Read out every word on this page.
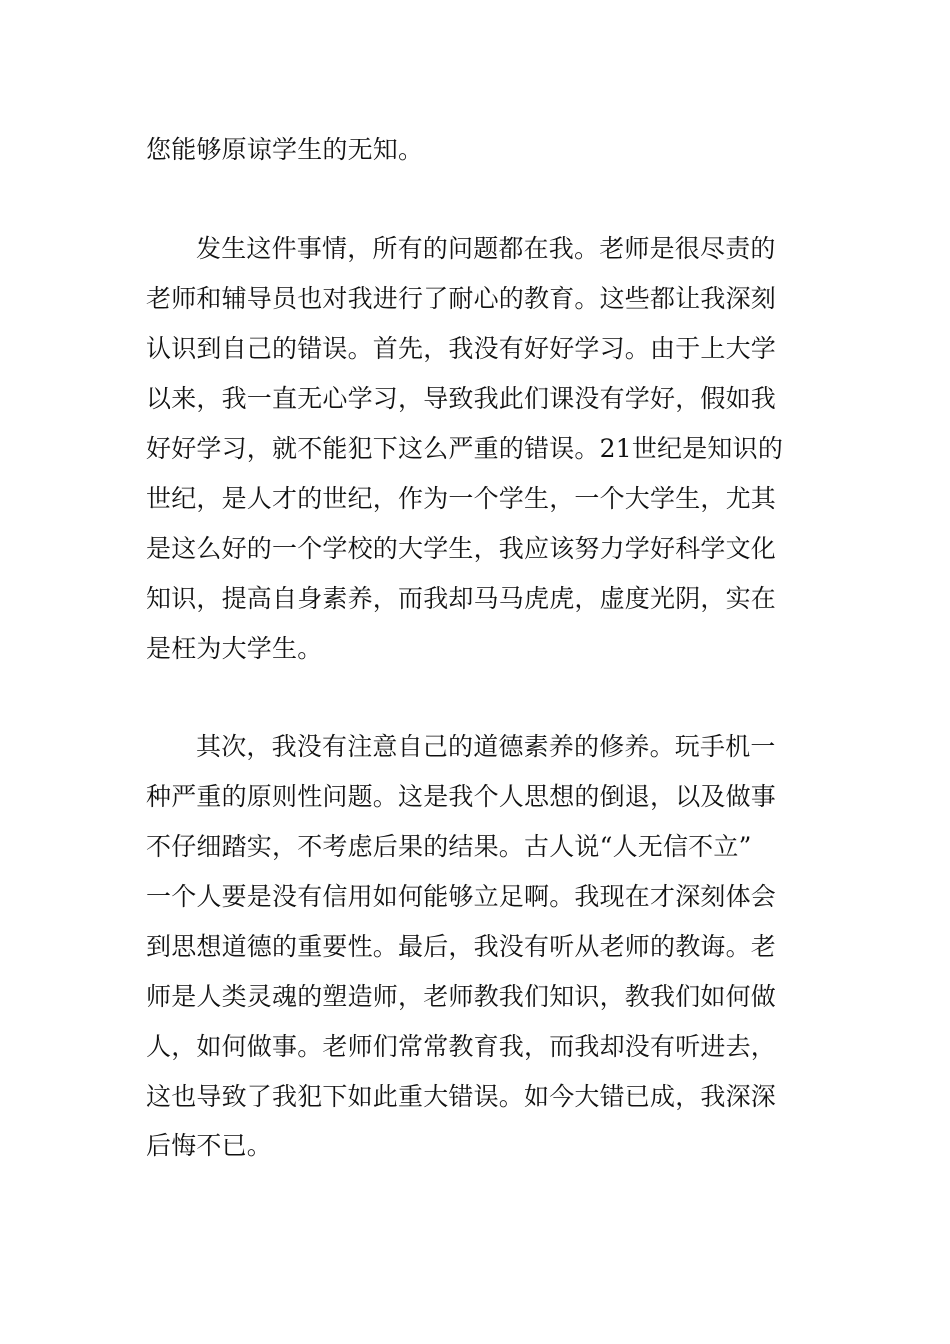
您能够原谅学生的无知。
发生这件事情，所有的问题都在我。老师是很尽责的
老师和辅导员也对我进行了耐心的教育。这些都让我深刻
认识到自己的错误。首先，我没有好好学习。由于上大学
以来，我一直无心学习，导致我此们课没有学好，假如我
好好学习，就不能犯下这么严重的错误。21世纪是知识的
世纪，是人才的世纪，作为一个学生，一个大学生，尤其
是这么好的一个学校的大学生，我应该努力学好科学文化
知识，提高自身素养，而我却马马虎虎，虚度光阴，实在
是枉为大学生。
其次，我没有注意自己的道德素养的修养。玩手机一
种严重的原则性问题。这是我个人思想的倒退，以及做事
不仔细踏实，不考虑后果的结果。古人说“人无信不立”
一个人要是没有信用如何能够立足啊。我现在才深刻体会
到思想道德的重要性。最后，我没有听从老师的教诲。老
师是人类灵魂的塑造师，老师教我们知识，教我们如何做
人，如何做事。老师们常常教育我，而我却没有听进去，
这也导致了我犯下如此重大错误。如今大错已成，我深深
后悔不已。
